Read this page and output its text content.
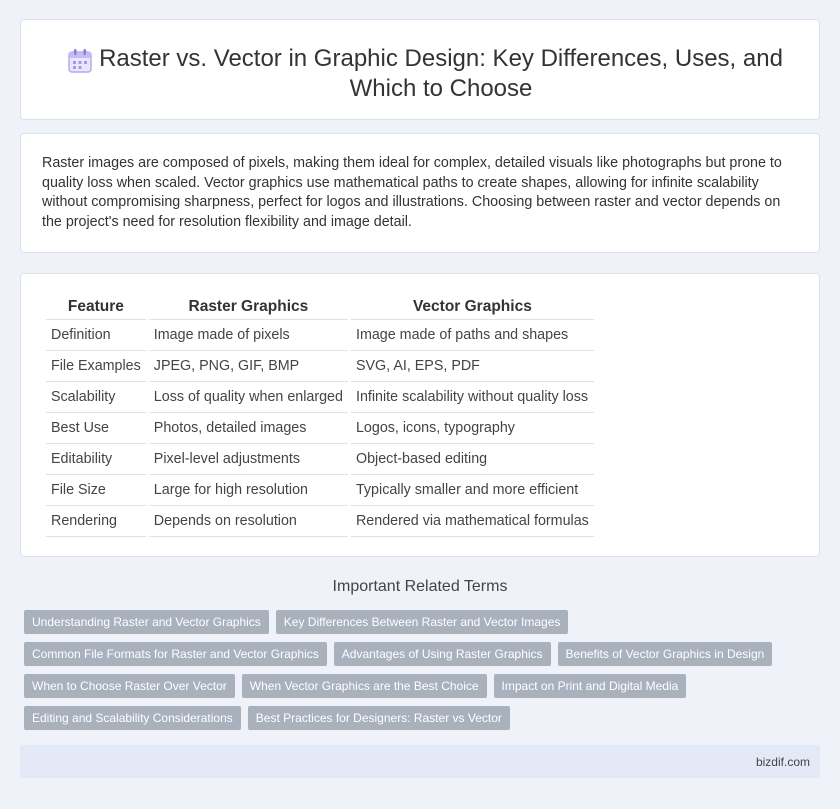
Raster vs. Vector in Graphic Design: Key Differences, Uses, and Which to Choose

Raster images are composed of pixels, making them ideal for complex, detailed visuals like photographs but prone to quality loss when scaled. Vector graphics use mathematical paths to create shapes, allowing for infinite scalability without compromising sharpness, perfect for logos and illustrations. Choosing between raster and vector depends on the project's need for resolution flexibility and image detail.

Feature	Raster Graphics	Vector Graphics
Definition	Image made of pixels	Image made of paths and shapes
File Examples	JPEG, PNG, GIF, BMP	SVG, AI, EPS, PDF
Scalability	Loss of quality when enlarged	Infinite scalability without quality loss
Best Use	Photos, detailed images	Logos, icons, typography
Editability	Pixel-level adjustments	Object-based editing
File Size	Large for high resolution	Typically smaller and more efficient
Rendering	Depends on resolution	Rendered via mathematical formulas
Important Related Terms
Understanding Raster and Vector Graphics	Key Differences Between Raster and Vector Images
Common File Formats for Raster and Vector Graphics	Advantages of Using Raster Graphics	Benefits of Vector Graphics in Design
When to Choose Raster Over Vector	When Vector Graphics are the Best Choice	Impact on Print and Digital Media
Editing and Scalability Considerations	Best Practices for Designers: Raster vs Vector
bizdif.com
